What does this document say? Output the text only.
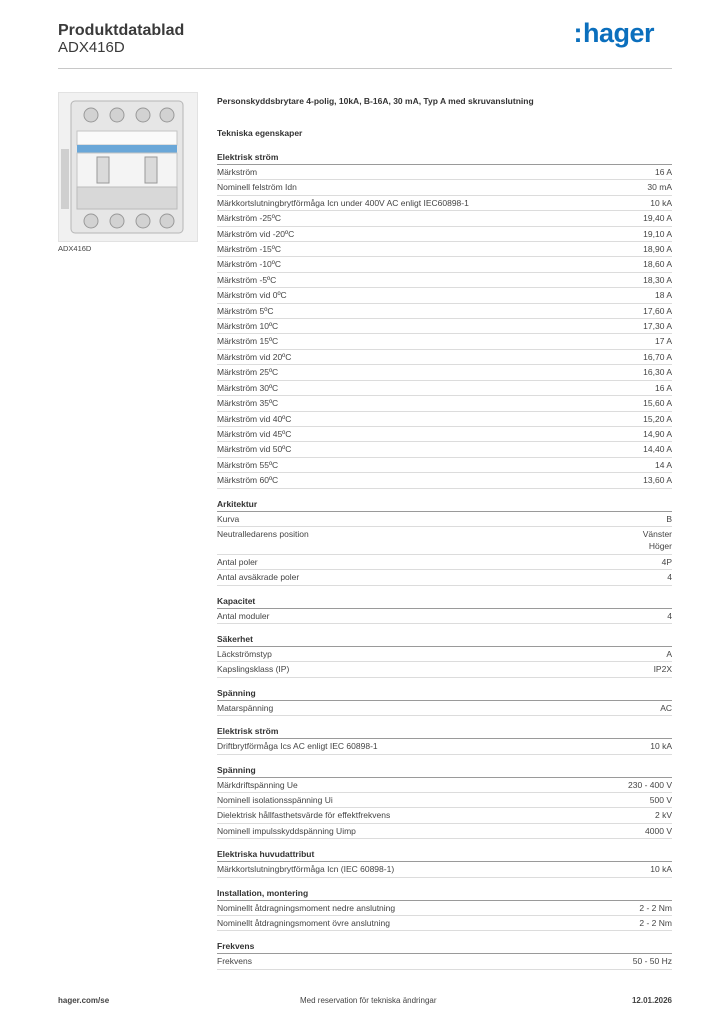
Produktdatablad
ADX416D	:hager
ADX416D
Personskyddsbrytare 4-polig, 10kA, B-16A, 30 mA, Typ A med skruvanslutning
Tekniska egenskaper
Elektrisk ström
Märkström	16 A
Nominell felström Idn	30 mA
Märkkortslutningbrytförmåga Icn under 400V AC enligt IEC60898-1	10 kA
Märkström -25ºC	19,40 A
Märkström vid -20ºC	19,10 A
Märkström -15ºC	18,90 A
Märkström -10ºC	18,60 A
Märkström -5ºC	18,30 A
Märkström vid 0ºC	18 A
Märkström 5ºC	17,60 A
Märkström 10ºC	17,30 A
Märkström 15ºC	17 A
Märkström vid 20ºC	16,70 A
Märkström 25ºC	16,30 A
Märkström 30ºC	16 A
Märkström 35ºC	15,60 A
Märkström vid 40ºC	15,20 A
Märkström vid 45ºC	14,90 A
Märkström vid 50ºC	14,40 A
Märkström 55ºC	14 A
Märkström 60ºC	13,60 A
Arkitektur
Kurva	B
Neutralledarens position	Vänster
Höger
Antal poler	4P
Antal avsäkrade poler	4
Kapacitet
Antal moduler	4
Säkerhet
Läckströmstyp	A
Kapslingsklass (IP)	IP2X
Spänning
Matarspänning	AC
Elektrisk ström
Driftbrytförmåga Ics AC enligt IEC 60898-1	10 kA
Spänning
Märkdriftspänning Ue	230 - 400 V
Nominell isolationsspänning Ui	500 V
Dielektrisk hållfasthetsvärde för effektfrekvens	2 kV
Nominell impulsskyddspänning Uimp	4000 V
Elektriska huvudattribut
Märkkortslutningbrytförmåga Icn (IEC 60898-1)	10 kA
Installation, montering
Nominellt åtdragningsmoment nedre anslutning	2 - 2 Nm
Nominellt åtdragningsmoment övre anslutning	2 - 2 Nm
Frekvens
Frekvens	50 - 50 Hz
hager.com/se	Med reservation för tekniska ändringar	12.01.2026
